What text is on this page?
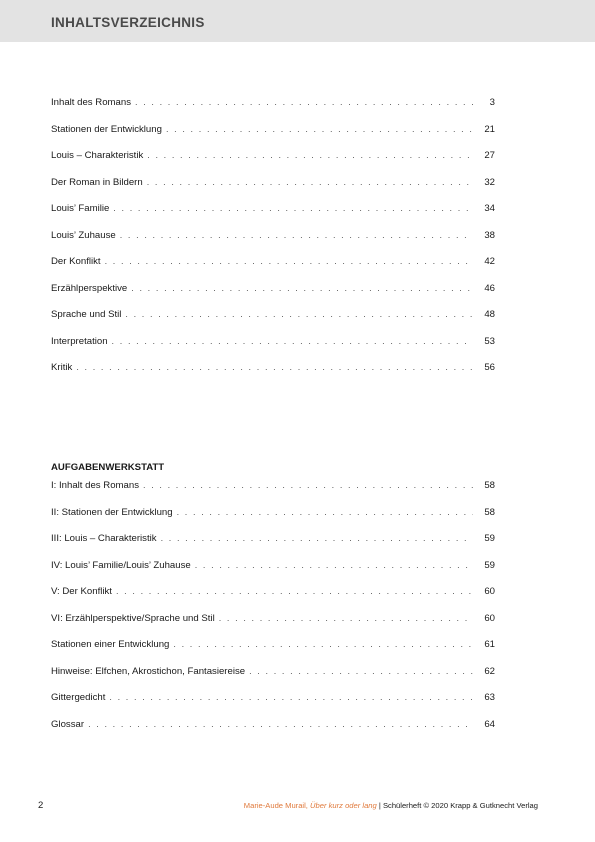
INHALTSVERZEICHNIS
Inhalt des Romans . . .	3
Stationen der Entwicklung . . .	21
Louis – Charakteristik . . .	27
Der Roman in Bildern . . .	32
Louis’ Familie . . .	34
Louis’ Zuhause . . .	38
Der Konflikt . . .	42
Erzählperspektive . . .	46
Sprache und Stil . . .	48
Interpretation . . .	53
Kritik . . .	56
AUFGABENWERKSTATT
I: Inhalt des Romans . . .	58
II: Stationen der Entwicklung . . .	58
III: Louis – Charakteristik . . .	59
IV: Louis’ Familie/Louis’ Zuhause . . .	59
V: Der Konflikt . . .	60
VI: Erzählperspektive/Sprache und Stil . . .	60
Stationen einer Entwicklung . . .	61
Hinweise: Elfchen, Akrostichon, Fantasiereise . . .	62
Gittergedicht . . .	63
Glossar . . .	64
2	Marie-Aude Murail, Über kurz oder lang | Schülerheft © 2020 Krapp & Gutknecht Verlag
